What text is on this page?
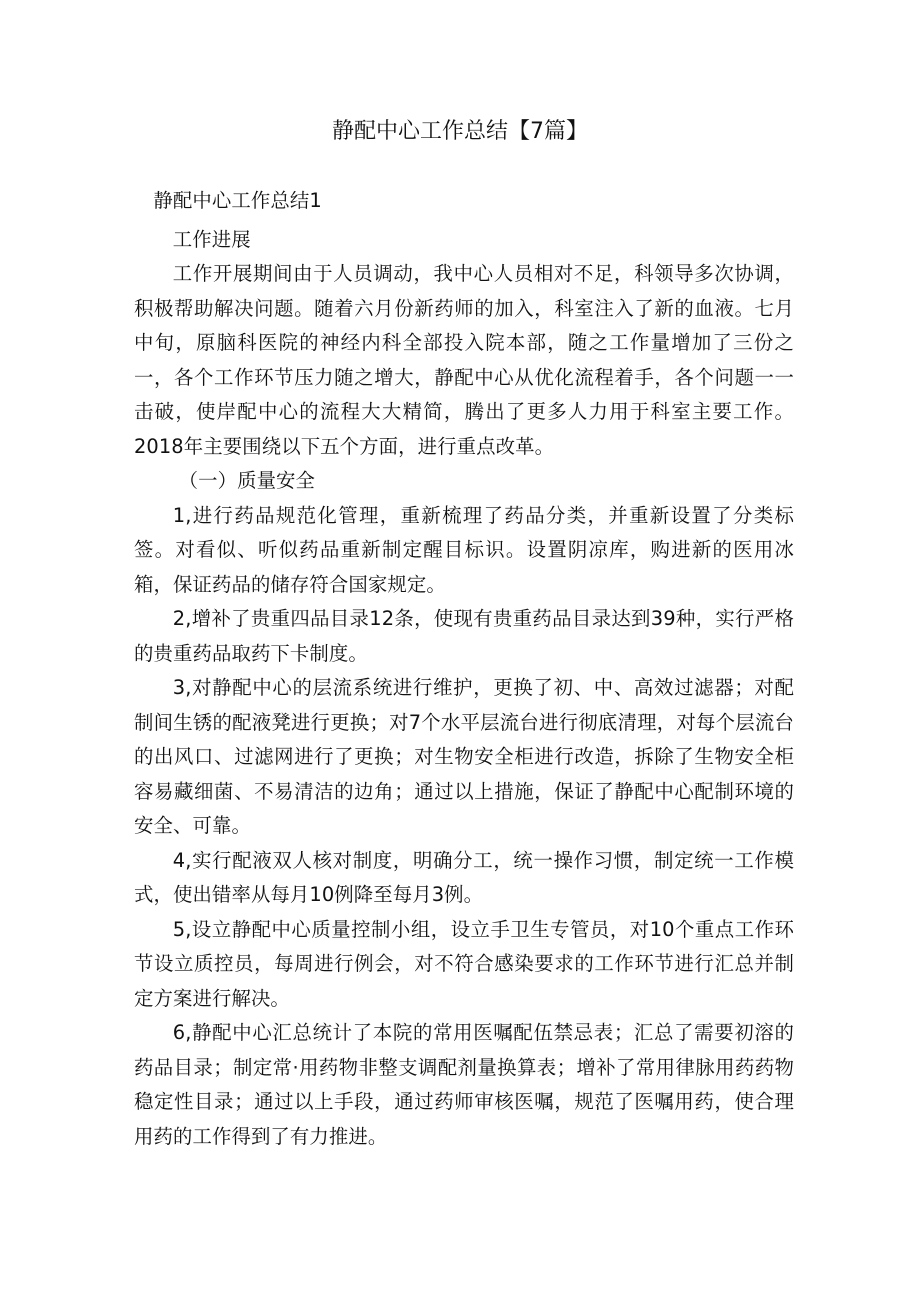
静配中心工作总结【7篇】

静配中心工作总结1

工作进展

工作开展期间由于人员调动，我中心人员相对不足，科领导多次协调，积极帮助解决问题。随着六月份新药师的加入，科室注入了新的血液。七月中旬，原脑科医院的神经内科全部投入院本部，随之工作量增加了三份之一，各个工作环节压力随之增大，静配中心从优化流程着手，各个问题一一击破，使岸配中心的流程大大精简，腾出了更多人力用于科室主要工作。2018年主要围绕以下五个方面，进行重点改革。

（一）质量安全

1,进行药品规范化管理，重新梳理了药品分类，并重新设置了分类标签。对看似、听似药品重新制定醒目标识。设置阴凉库，购进新的医用冰箱，保证药品的储存符合国家规定。

2,增补了贵重四品目录12条，使现有贵重药品目录达到39种，实行严格的贵重药品取药下卡制度。

3,对静配中心的层流系统进行维护，更换了初、中、高效过滤器；对配制间生锈的配液凳进行更换；对7个水平层流台进行彻底清理，对每个层流台的出风口、过滤网进行了更换；对生物安全柜进行改造，拆除了生物安全柜容易藏细菌、不易清洁的边角；通过以上措施，保证了静配中心配制环境的安全、可靠。

4,实行配液双人核对制度，明确分工，统一操作习惯，制定统一工作模式，使出错率从每月10例降至每月3例。

5,设立静配中心质量控制小组，设立手卫生专管员，对10个重点工作环节设立质控员，每周进行例会，对不符合感染要求的工作环节进行汇总并制定方案进行解决。

6,静配中心汇总统计了本院的常用医嘱配伍禁忌表；汇总了需要初溶的药品目录；制定常·用药物非整支调配剂量换算表；增补了常用律脉用药药物稳定性目录；通过以上手段，通过药师审核医嘱，规范了医嘱用药，使合理用药的工作得到了有力推进。
